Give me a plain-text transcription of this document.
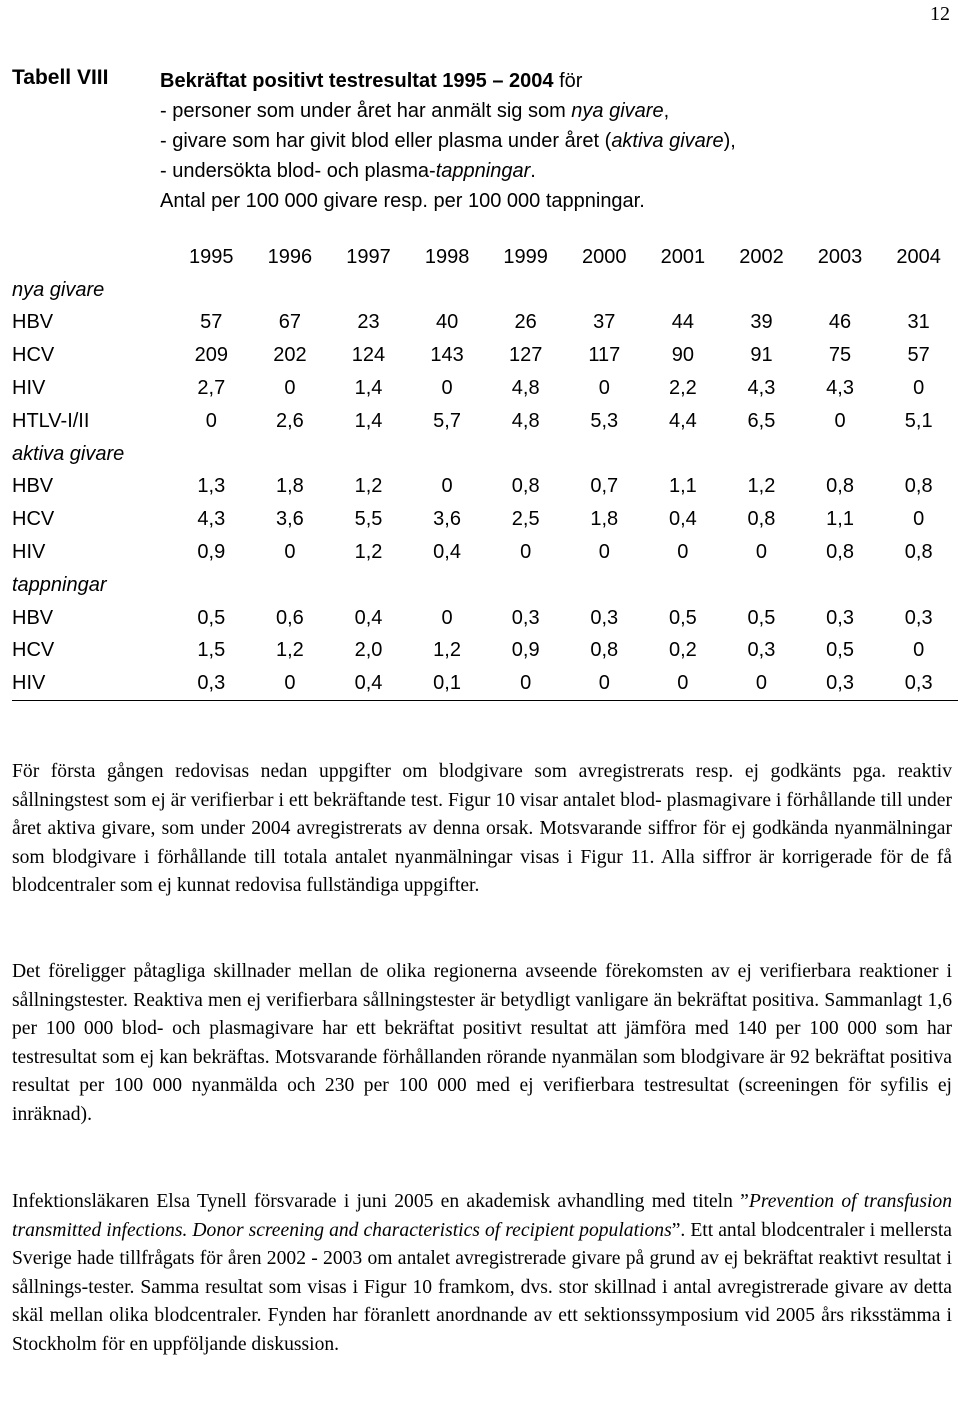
12
Tabell VIII	Bekräftat positivt testresultat 1995 – 2004 för
- personer som under året har anmält sig som nya givare,
- givare som har givit blod eller plasma under året (aktiva givare),
- undersökta blod- och plasma-tappningar.
Antal per 100 000 givare resp. per 100 000 tappningar.
	1995	1996	1997	1998	1999	2000	2001	2002	2003	2004
nya givare										
HBV	57	67	23	40	26	37	44	39	46	31
HCV	209	202	124	143	127	117	90	91	75	57
HIV	2,7	0	1,4	0	4,8	0	2,2	4,3	4,3	0
HTLV-I/II	0	2,6	1,4	5,7	4,8	5,3	4,4	6,5	0	5,1
aktiva givare										
HBV	1,3	1,8	1,2	0	0,8	0,7	1,1	1,2	0,8	0,8
HCV	4,3	3,6	5,5	3,6	2,5	1,8	0,4	0,8	1,1	0
HIV	0,9	0	1,2	0,4	0	0	0	0	0,8	0,8
tappningar										
HBV	0,5	0,6	0,4	0	0,3	0,3	0,5	0,5	0,3	0,3
HCV	1,5	1,2	2,0	1,2	0,9	0,8	0,2	0,3	0,5	0
HIV	0,3	0	0,4	0,1	0	0	0	0	0,3	0,3

För första gången redovisas nedan uppgifter om blodgivare som avregistrerats resp. ej godkänts pga. reaktiv sållningstest som ej är verifierbar i ett bekräftande test. Figur 10 visar antalet blod- plasmagivare i förhållande till under året aktiva givare, som under 2004 avregistrerats av denna orsak. Motsvarande siffror för ej godkända nyanmälningar som blodgivare i förhållande till totala antalet nyanmälningar visas i Figur 11. Alla siffror är korrigerade för de få blodcentraler som ej kunnat redovisa fullständiga uppgifter.

Det föreligger påtagliga skillnader mellan de olika regionerna avseende förekomsten av ej verifierbara reaktioner i sållningstester. Reaktiva men ej verifierbara sållningstester är betydligt vanligare än bekräftat positiva. Sammanlagt 1,6 per 100 000 blod- och plasmagivare har ett bekräftat positivt resultat att jämföra med 140 per 100 000 som har testresultat som ej kan bekräftas. Motsvarande förhållanden rörande nyanmälan som blodgivare är 92 bekräftat positiva resultat per 100 000 nyanmälda och 230 per 100 000 med ej verifierbara testresultat (screeningen för syfilis ej inräknad).

Infektionsläkaren Elsa Tynell försvarade i juni 2005 en akademisk avhandling med titeln ”Prevention of transfusion transmitted infections. Donor screening and characteristics of recipient populations”. Ett antal blodcentraler i mellersta Sverige hade tillfrågats för åren 2002 - 2003 om antalet avregistrerade givare på grund av ej bekräftat reaktivt resultat i sållnings-tester. Samma resultat som visas i Figur 10 framkom, dvs. stor skillnad i antal avregistrerade givare av detta skäl mellan olika blodcentraler. Fynden har föranlett anordnande av ett sektionssymposium vid 2005 års riksstämma i Stockholm för en uppföljande diskussion.
